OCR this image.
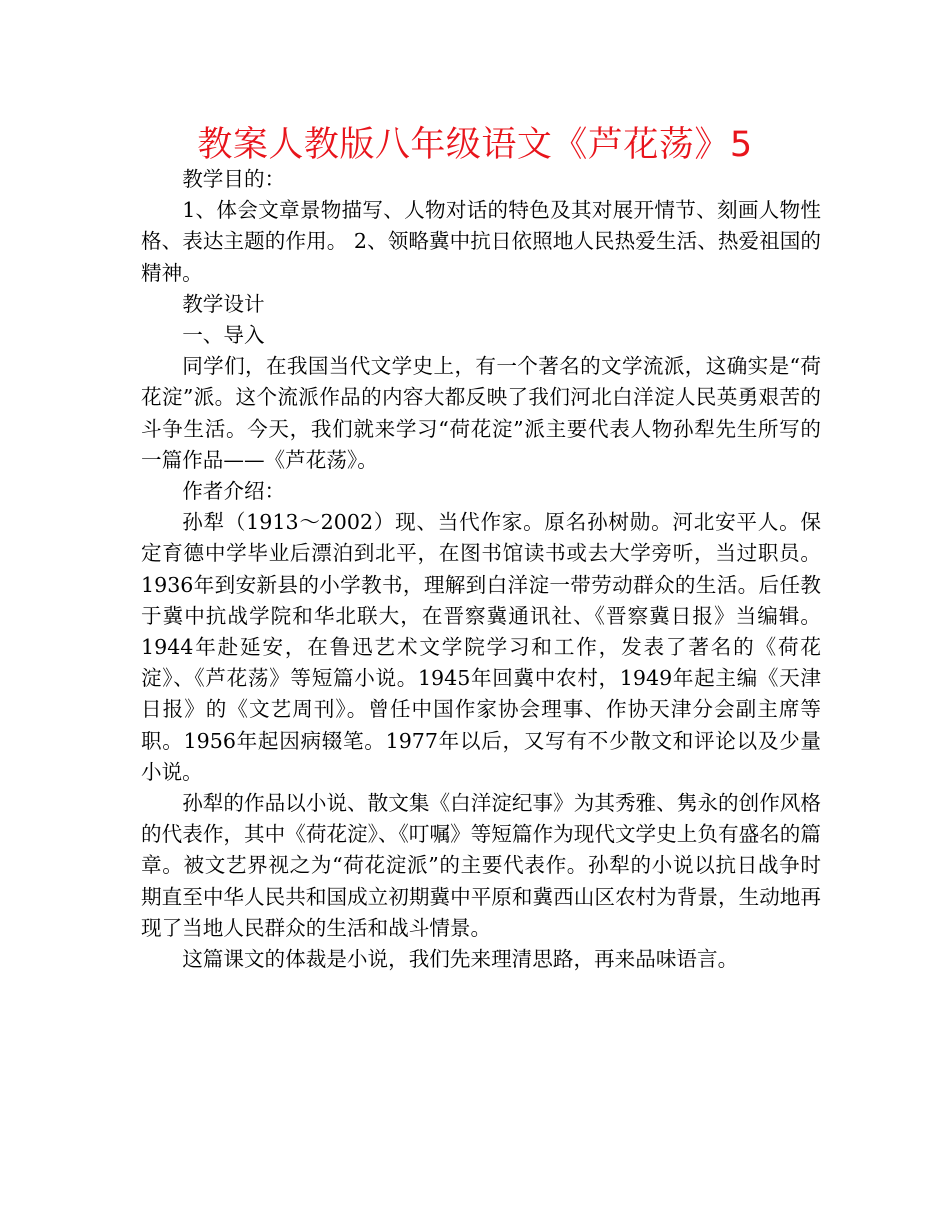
教案人教版八年级语文《芦花荡》5

教学目的：

1、体会文章景物描写、人物对话的特色及其对展开情节、刻画人物性格、表达主题的作用。 2、领略冀中抗日依照地人民热爱生活、热爱祖国的精神。

教学设计

一、导入

同学们，在我国当代文学史上，有一个著名的文学流派，这确实是“荷花淀”派。这个流派作品的内容大都反映了我们河北白洋淀人民英勇艰苦的斗争生活。今天，我们就来学习“荷花淀”派主要代表人物孙犁先生所写的一篇作品——《芦花荡》。

作者介绍：

孙犁（1913～2002）现、当代作家。原名孙树勋。河北安平人。保定育德中学毕业后漂泊到北平，在图书馆读书或去大学旁听，当过职员。1936年到安新县的小学教书，理解到白洋淀一带劳动群众的生活。后任教于冀中抗战学院和华北联大，在晋察冀通讯社、《晋察冀日报》当编辑。1944年赴延安，在鲁迅艺术文学院学习和工作，发表了著名的《荷花淀》、《芦花荡》等短篇小说。1945年回冀中农村，1949年起主编《天津日报》的《文艺周刊》。曾任中国作家协会理事、作协天津分会副主席等职。1956年起因病辍笔。1977年以后，又写有不少散文和评论以及少量小说。

孙犁的作品以小说、散文集《白洋淀纪事》为其秀雅、隽永的创作风格的代表作，其中《荷花淀》、《叮嘱》等短篇作为现代文学史上负有盛名的篇章。被文艺界视之为“荷花淀派”的主要代表作。孙犁的小说以抗日战争时期直至中华人民共和国成立初期冀中平原和冀西山区农村为背景，生动地再现了当地人民群众的生活和战斗情景。

这篇课文的体裁是小说，我们先来理清思路，再来品味语言。
